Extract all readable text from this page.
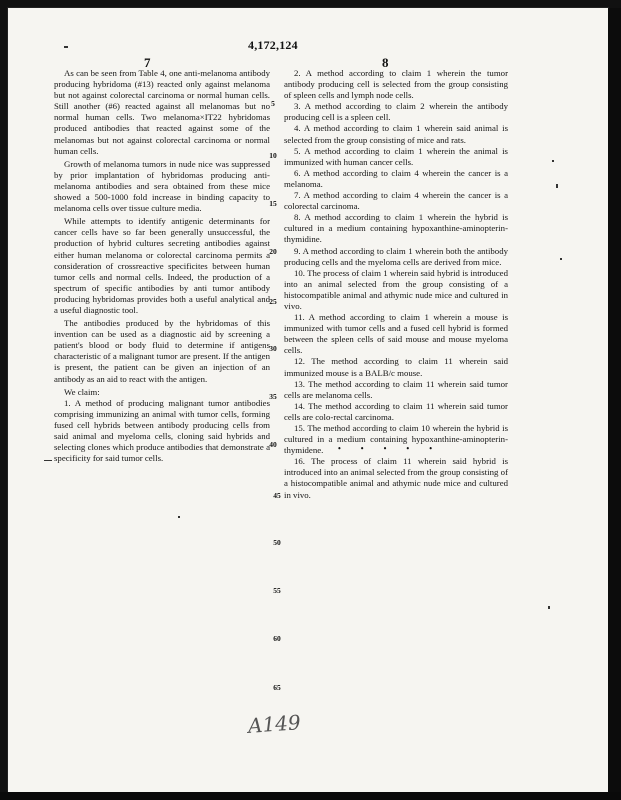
4,172,124
7	8

As can be seen from Table 4, one anti-melanoma antibody producing hybridoma (#13) reacted only against melanoma but not against colorectal carcinoma or normal human cells. Still another (#6) reacted against all melanomas but no normal human cells. Two melanoma×IT22 hybridomas produced antibodies that reacted against some of the melanomas but not against colorectal carcinoma or normal human cells.

Growth of melanoma tumors in nude nice was suppressed by prior implantation of hybridomas producing anti-melanoma antibodies and sera obtained from these mice showed a 500-1000 fold increase in binding capacity to melanoma cells over tissue culture media.

While attempts to identify antigenic determinants for cancer cells have so far been generally unsuccessful, the production of hybrid cultures secreting antibodies against either human melanoma or colorectal carcinoma permits a consideration of crossreactive specificites between human tumor cells and normal cells. Indeed, the production of a spectrum of specific antibodies by anti tumor antibody producing hybridomas provides both a useful analytical and a useful diagnostic tool.

The antibodies produced by the hybridomas of this invention can be used as a diagnostic aid by screening a patient's blood or body fluid to determine if antigens characteristic of a malignant tumor are present. If the antigen is present, the patient can be given an injection of an antibody as an aid to react with the antigen.

We claim:

1. A method of producing malignant tumor antibodies comprising immunizing an animal with tumor cells, forming fused cell hybrids between antibody producing cells from said animal and myeloma cells, cloning said hybrids and selecting clones which produce antibodies that demonstrate a specificity for said tumor cells.

2. A method according to claim 1 wherein the tumor antibody producing cell is selected from the group consisting of spleen cells and lymph node cells.

3. A method according to claim 2 wherein the antibody producing cell is a spleen cell.

4. A method according to claim 1 wherein said animal is selected from the group consisting of mice and rats.

5. A method according to claim 1 wherein the animal is immunized with human cancer cells.

6. A method according to claim 4 wherein the cancer is a melanoma.

7. A method according to claim 4 wherein the cancer is a colorectal carcinoma.

8. A method according to claim 1 wherein the hybrid is cultured in a medium containing hypoxanthine-aminopterin-thymidine.

9. A method according to claim 1 wherein both the antibody producing cells and the myeloma cells are derived from mice.

10. The process of claim 1 wherein said hybrid is introduced into an animal selected from the group consisting of a histocompatible animal and athymic nude mice and cultured in vivo.

11. A method according to claim 1 wherein a mouse is immunized with tumor cells and a fused cell hybrid is formed between the spleen cells of said mouse and mouse myeloma cells.

12. The method according to claim 11 wherein said immunized mouse is a BALB/c mouse.

13. The method according to claim 11 wherein said tumor cells are melanoma cells.

14. The method according to claim 11 wherein said tumor cells are colo-rectal carcinoma.

15. The method according to claim 10 wherein the hybrid is cultured in a medium containing hypoxanthine-aminopterin-thymidene.

16. The process of claim 11 wherein said hybrid is introduced into an animal selected from the group consisting of a histocompatible animal and athymic nude mice and cultured in vivo.

• • • • •
5
10
15
20
25
30
35
40
45
50
55
60
65
A149
